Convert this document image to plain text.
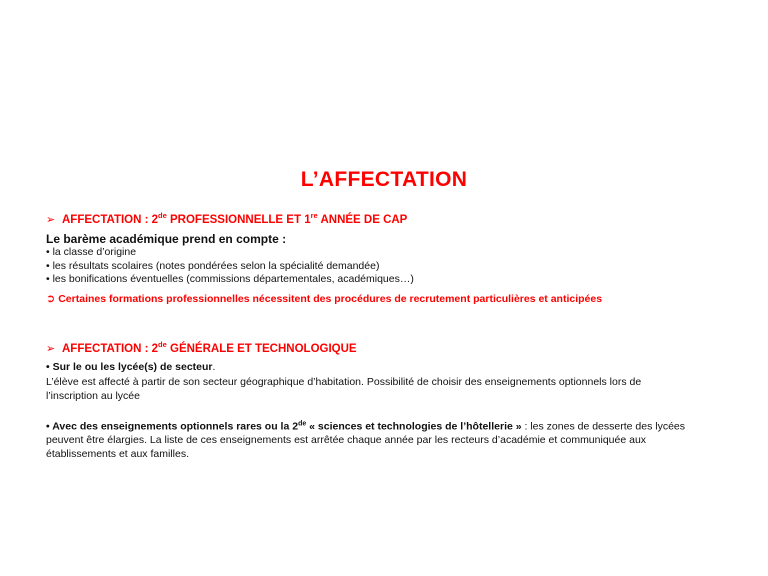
L’AFFECTATION
➢ AFFECTATION : 2de PROFESSIONNELLE ET 1re ANNÉE DE CAP
Le barème académique prend en compte :
• la classe d’origine
• les résultats scolaires (notes pondérées selon la spécialité demandée)
• les bonifications éventuelles (commissions départementales, académiques…)
➲ Certaines formations professionnelles nécessitent des procédures de recrutement particulières et anticipées
➢ AFFECTATION : 2de GÉNÉRALE ET TECHNOLOGIQUE
• Sur le ou les lycée(s) de secteur.
L’élève est affecté à partir de son secteur géographique d’habitation. Possibilité de choisir des enseignements optionnels lors de l’inscription au lycée
• Avec des enseignements optionnels rares ou la 2de « sciences et technologies de l’hôtellerie » : les zones de desserte des lycées peuvent être élargies. La liste de ces enseignements est arrêtée chaque année par les recteurs d’académie et communiquée aux établissements et aux familles.
